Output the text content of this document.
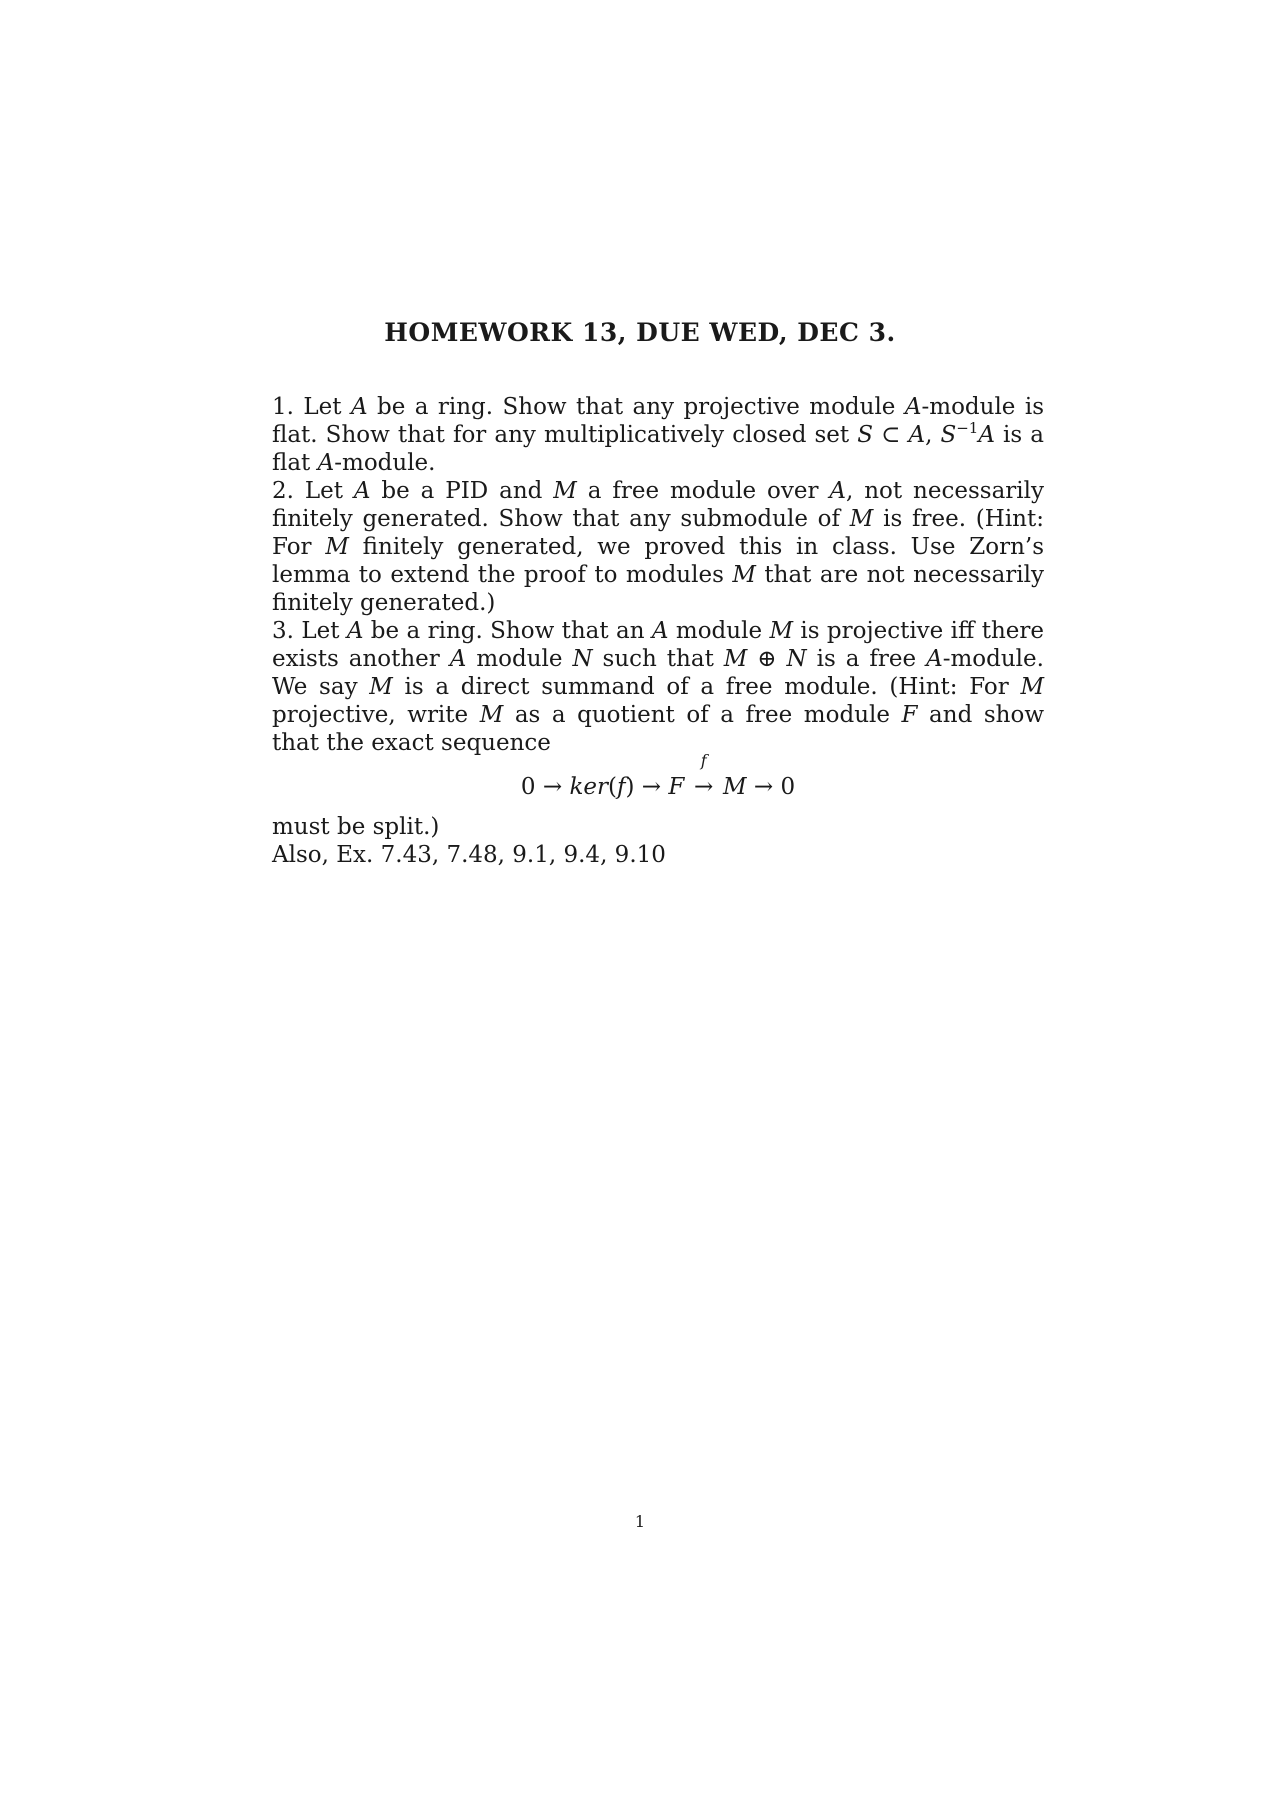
HOMEWORK 13, DUE WED, DEC 3.

1. Let A be a ring. Show that any projective module A-module is flat. Show that for any multiplicatively closed set S ⊂ A, $S^{-1}A$ is a flat A-module.

2. Let A be a PID and M a free module over A, not necessarily finitely generated. Show that any submodule of M is free. (Hint: For M finitely generated, we proved this in class. Use Zorn’s lemma to extend the proof to modules M that are not necessarily finitely generated.)

3. Let A be a ring. Show that an A module M is projective iff there exists another A module N such that M ⊕ N is a free A-module. We say M is a direct summand of a free module. (Hint: For M projective, write M as a quotient of a free module F and show that the exact sequence

0 → ker(f) → F
f
→ M → 0

must be split.)

Also, Ex. 7.43, 7.48, 9.1, 9.4, 9.10

1
